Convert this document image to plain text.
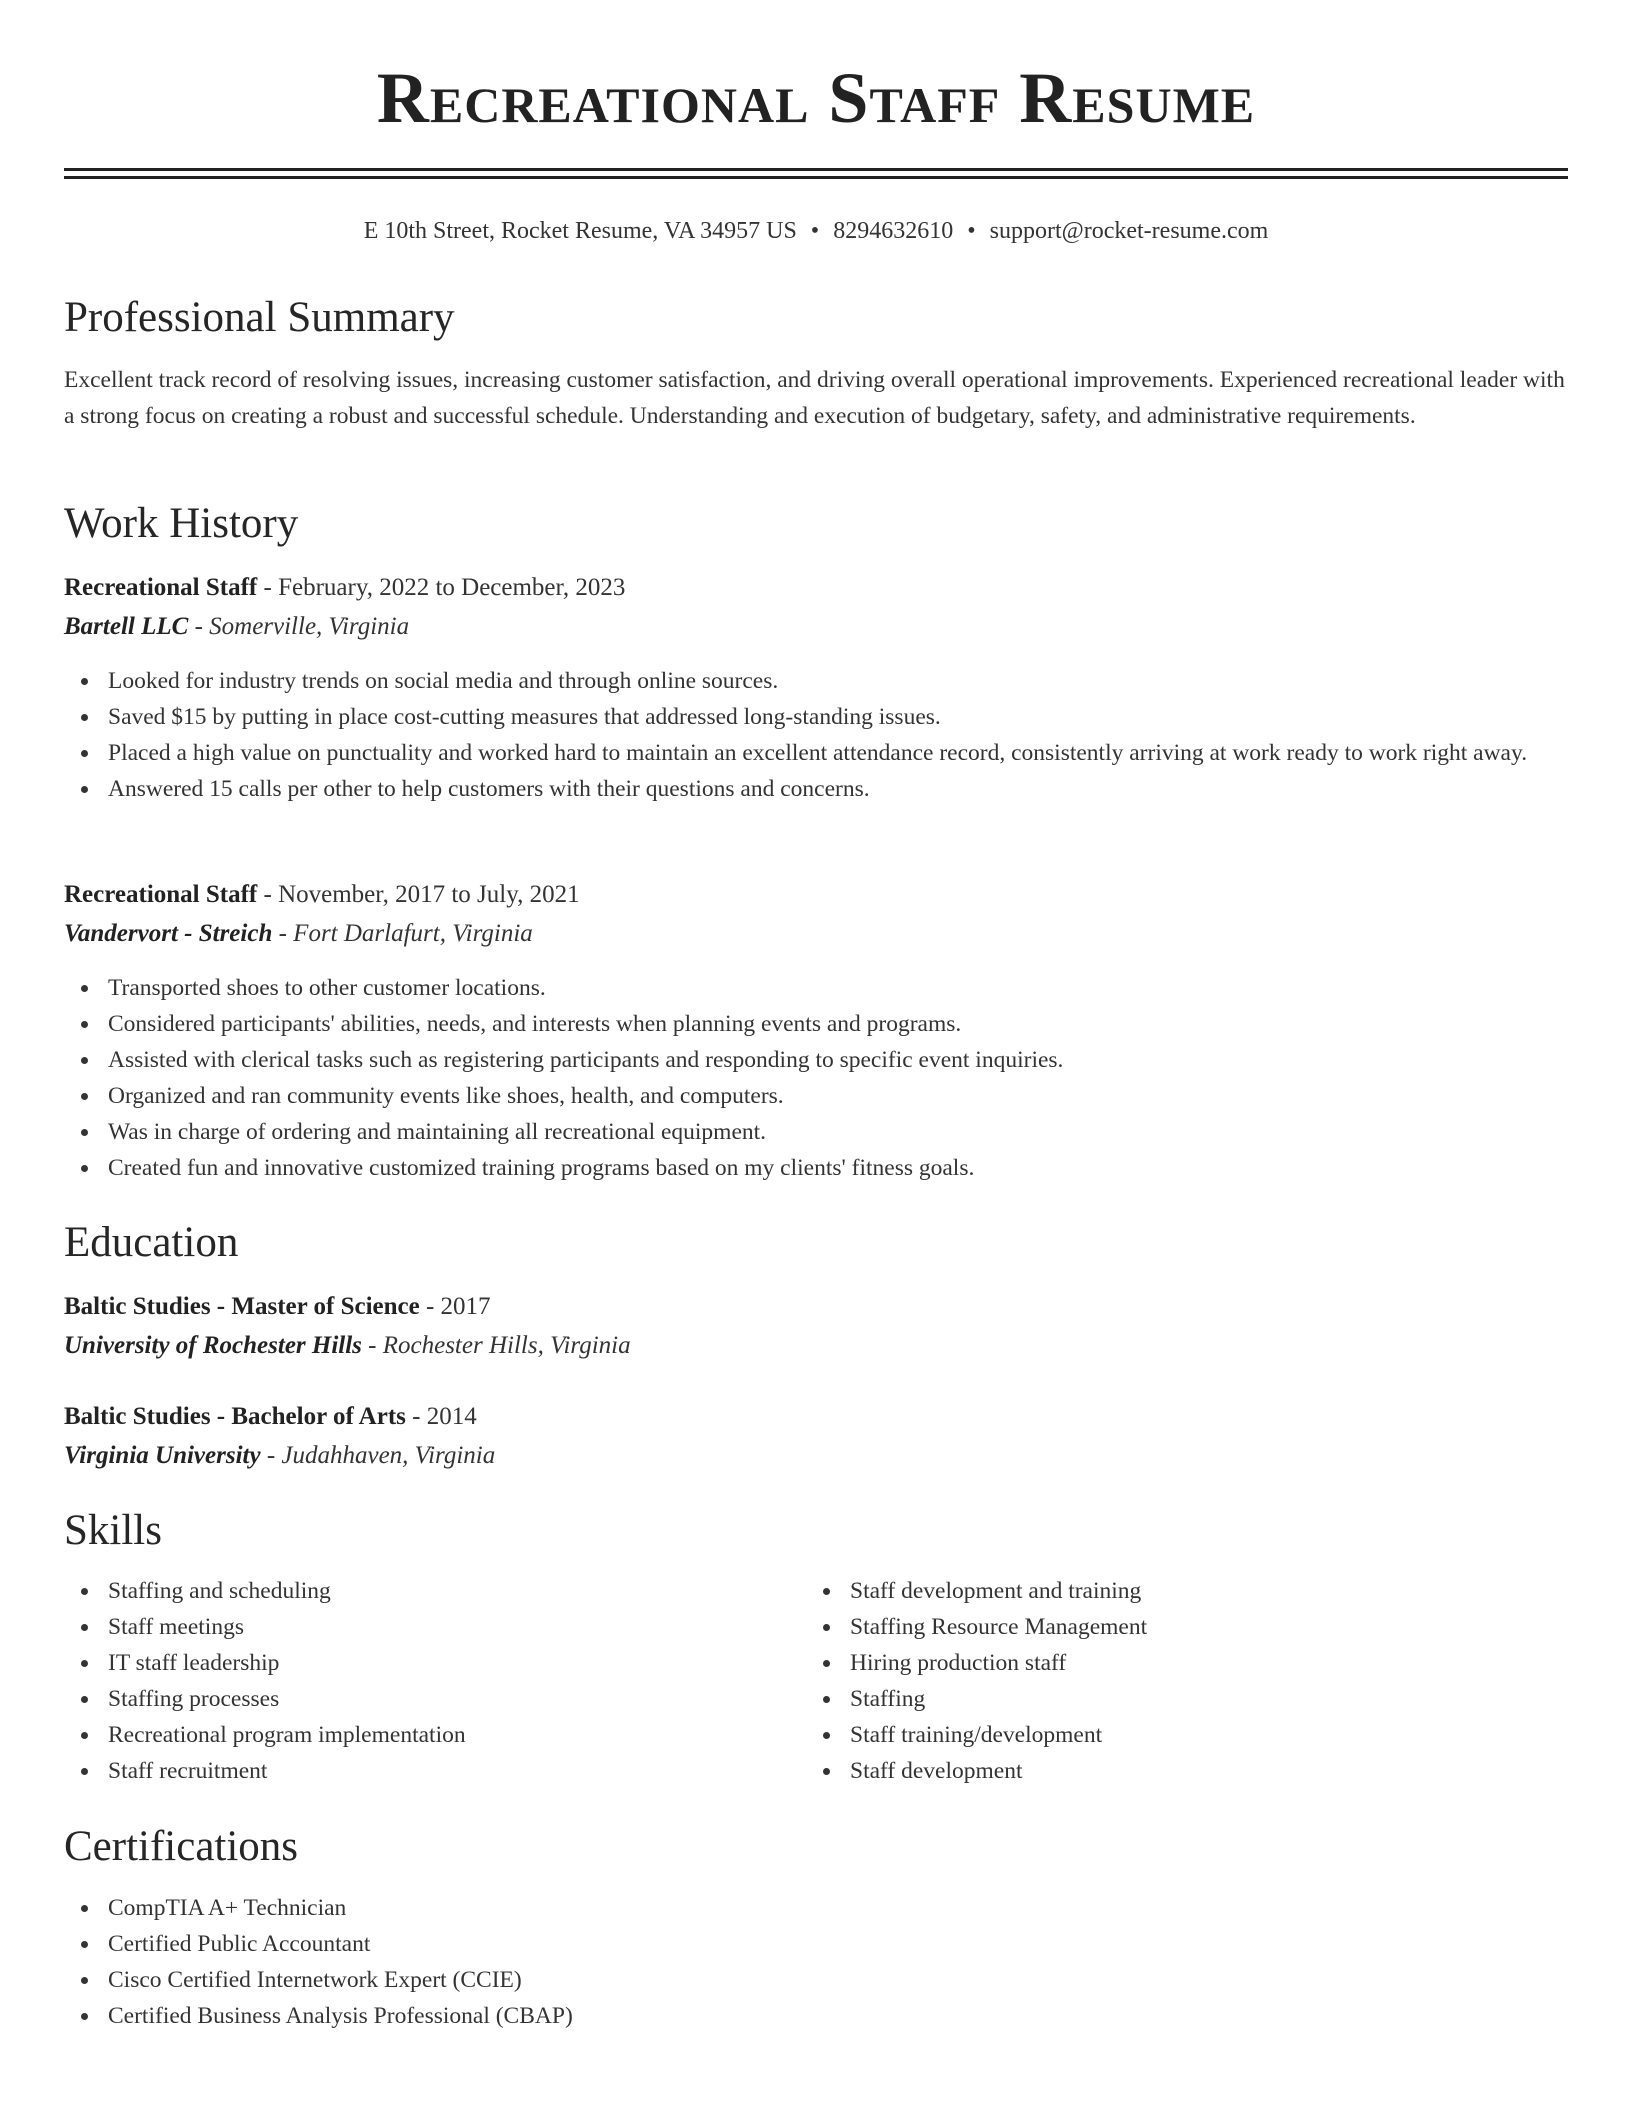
Recreational Staff Resume
E 10th Street, Rocket Resume, VA 34957 US • 8294632610 • support@rocket-resume.com
Professional Summary

Excellent track record of resolving issues, increasing customer satisfaction, and driving overall operational improvements. Experienced recreational leader with a strong focus on creating a robust and successful schedule. Understanding and execution of budgetary, safety, and administrative requirements.

Work History
Recreational Staff - February, 2022 to December, 2023
Bartell LLC - Somerville, Virginia
Looked for industry trends on social media and through online sources.
Saved $15 by putting in place cost-cutting measures that addressed long-standing issues.
Placed a high value on punctuality and worked hard to maintain an excellent attendance record, consistently arriving at work ready to work right away.
Answered 15 calls per other to help customers with their questions and concerns.
Recreational Staff - November, 2017 to July, 2021
Vandervort - Streich - Fort Darlafurt, Virginia
Transported shoes to other customer locations.
Considered participants' abilities, needs, and interests when planning events and programs.
Assisted with clerical tasks such as registering participants and responding to specific event inquiries.
Organized and ran community events like shoes, health, and computers.
Was in charge of ordering and maintaining all recreational equipment.
Created fun and innovative customized training programs based on my clients' fitness goals.
Education
Baltic Studies - Master of Science - 2017
University of Rochester Hills - Rochester Hills, Virginia
Baltic Studies - Bachelor of Arts - 2014
Virginia University - Judahhaven, Virginia
Skills
Staffing and scheduling
Staff meetings
IT staff leadership
Staffing processes
Recreational program implementation
Staff recruitment
Staff development and training
Staffing Resource Management
Hiring production staff
Staffing
Staff training/development
Staff development
Certifications
CompTIA A+ Technician
Certified Public Accountant
Cisco Certified Internetwork Expert (CCIE)
Certified Business Analysis Professional (CBAP)
